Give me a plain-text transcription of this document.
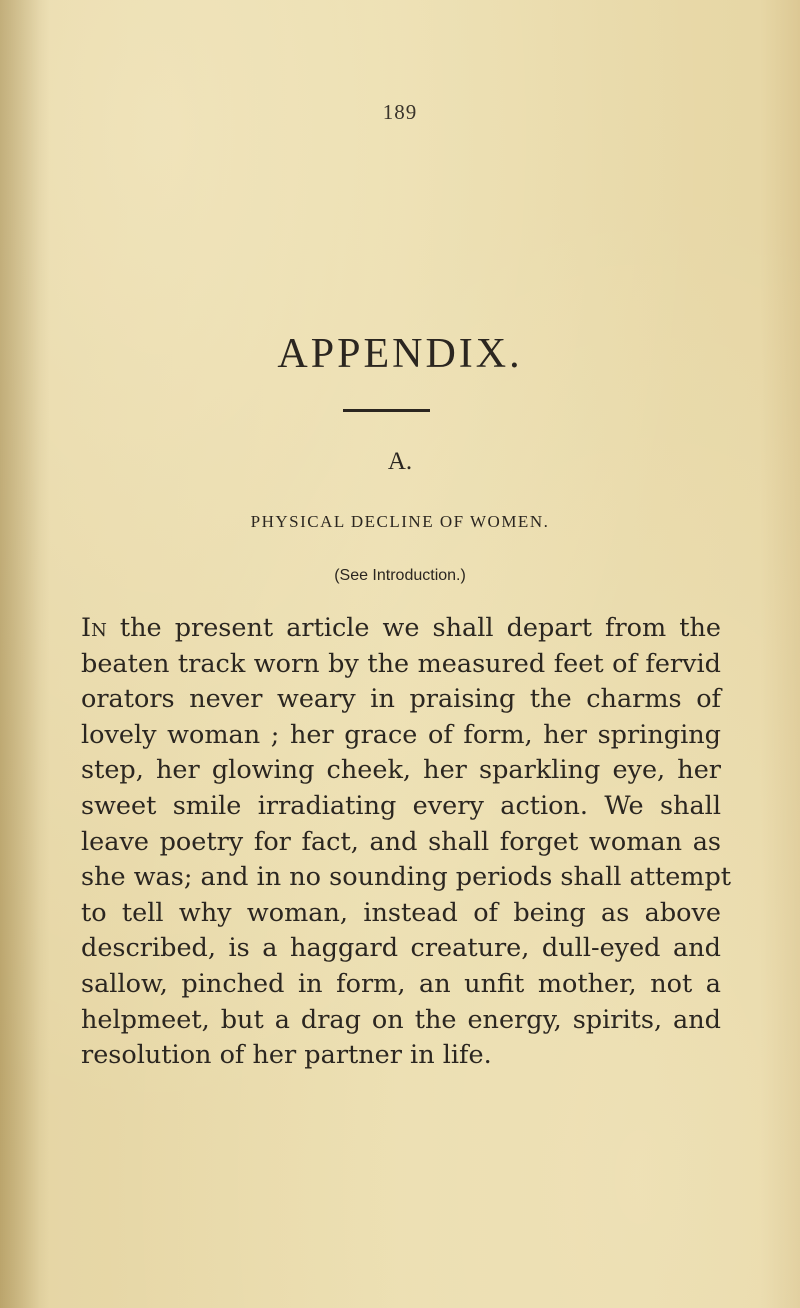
189
APPENDIX.
A.
PHYSICAL DECLINE OF WOMEN.
(See Introduction.)
In the present article we shall depart from the
beaten track worn by the measured feet of fervid
orators never weary in praising the charms of
lovely woman ; her grace of form, her springing
step, her glowing cheek, her sparkling eye, her
sweet smile irradiating every action. We shall
leave poetry for fact, and shall forget woman as
she was; and in no sounding periods shall attempt
to tell why woman, instead of being as above
described, is a haggard creature, dull-eyed and
sallow, pinched in form, an unfit mother, not a
helpmeet, but a drag on the energy, spirits, and
resolution of her partner in life.
